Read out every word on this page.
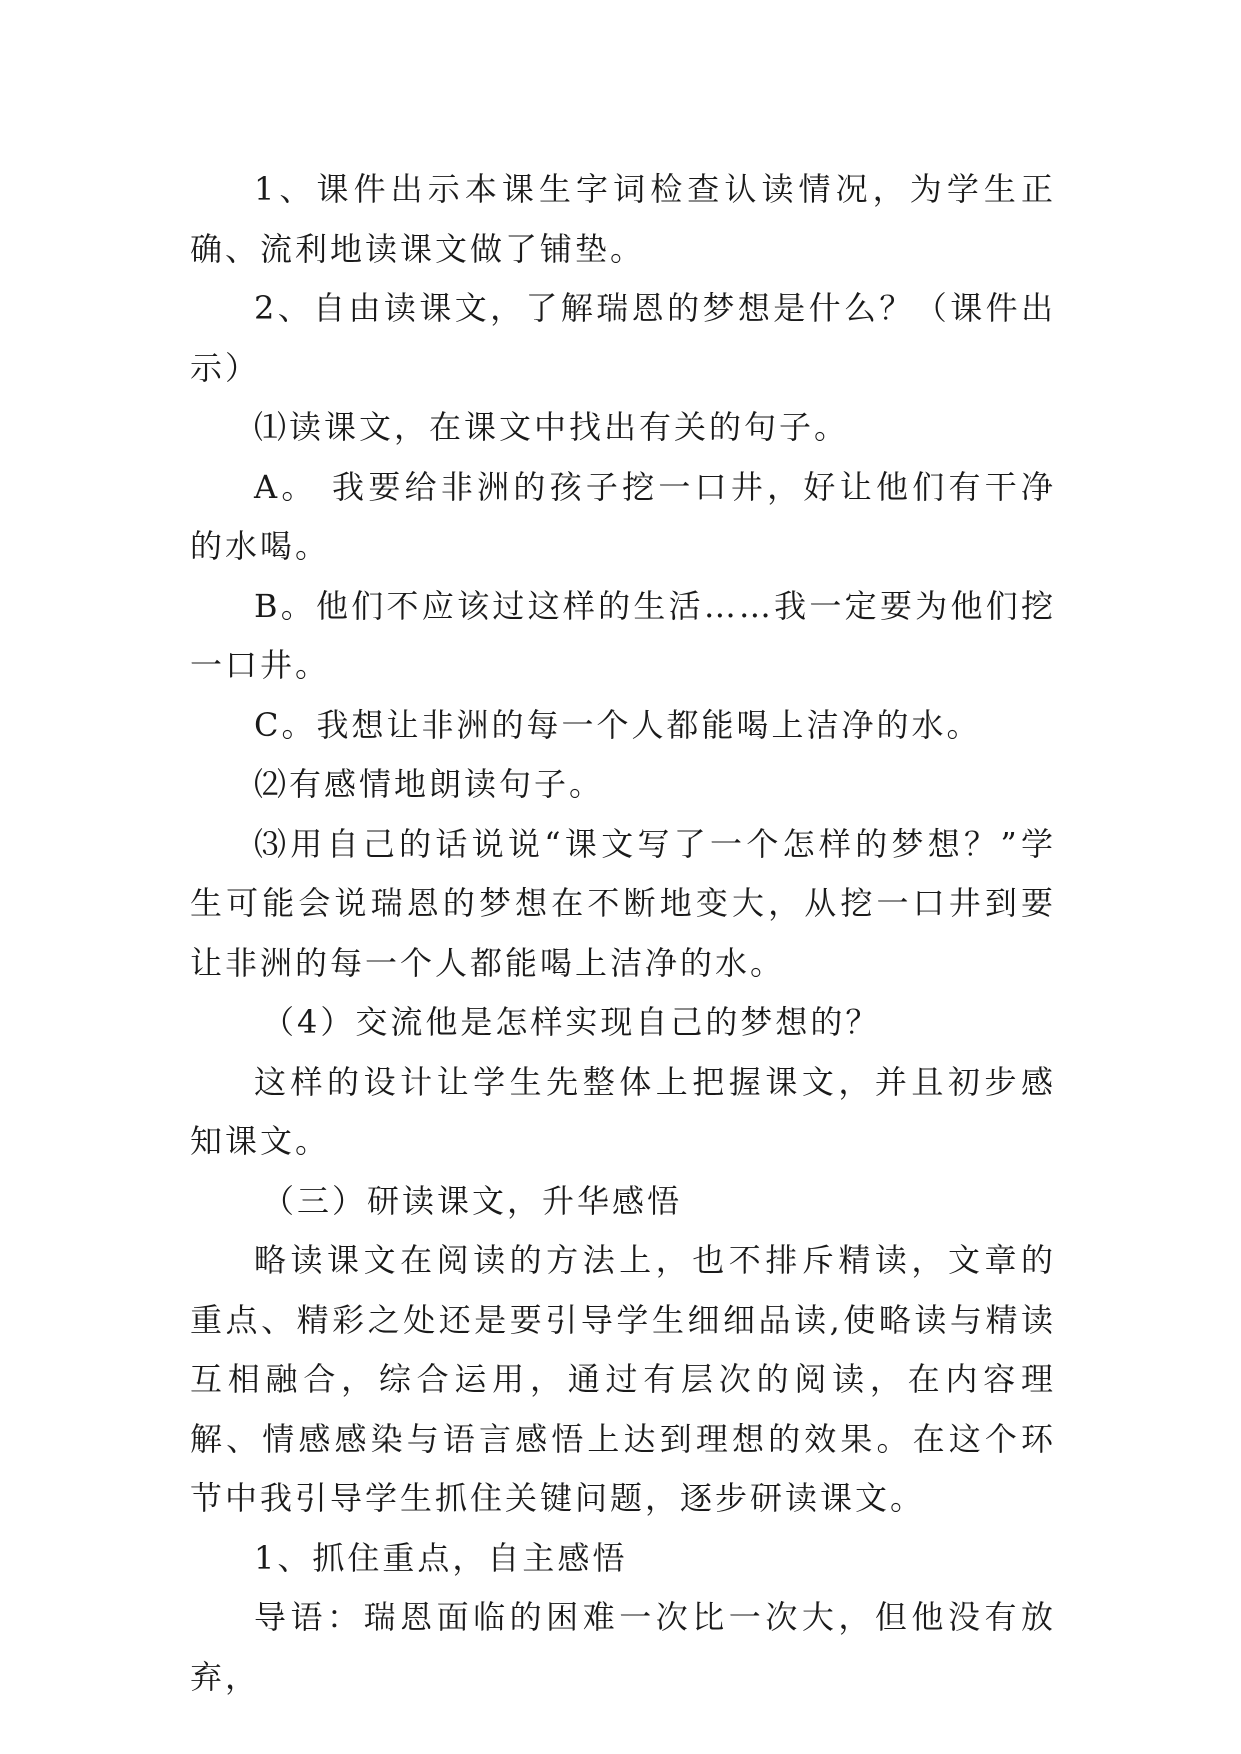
1、课件出示本课生字词检查认读情况，为学生正确、流利地读课文做了铺垫。

2、自由读课文，了解瑞恩的梦想是什么？（课件出示）

⑴读课文，在课文中找出有关的句子。

A。 我要给非洲的孩子挖一口井，好让他们有干净的水喝。

B。他们不应该过这样的生活……我一定要为他们挖一口井。

C。我想让非洲的每一个人都能喝上洁净的水。

⑵有感情地朗读句子。

⑶用自己的话说说“课文写了一个怎样的梦想？”学生可能会说瑞恩的梦想在不断地变大，从挖一口井到要让非洲的每一个人都能喝上洁净的水。

（4）交流他是怎样实现自己的梦想的？

这样的设计让学生先整体上把握课文，并且初步感知课文。

（三）研读课文，升华感悟

略读课文在阅读的方法上，也不排斥精读，文章的重点、精彩之处还是要引导学生细细品读,使略读与精读互相融合，综合运用，通过有层次的阅读，在内容理解、情感感染与语言感悟上达到理想的效果。在这个环节中我引导学生抓住关键问题，逐步研读课文。

1、抓住重点，自主感悟

导语：瑞恩面临的困难一次比一次大，但他没有放弃，
